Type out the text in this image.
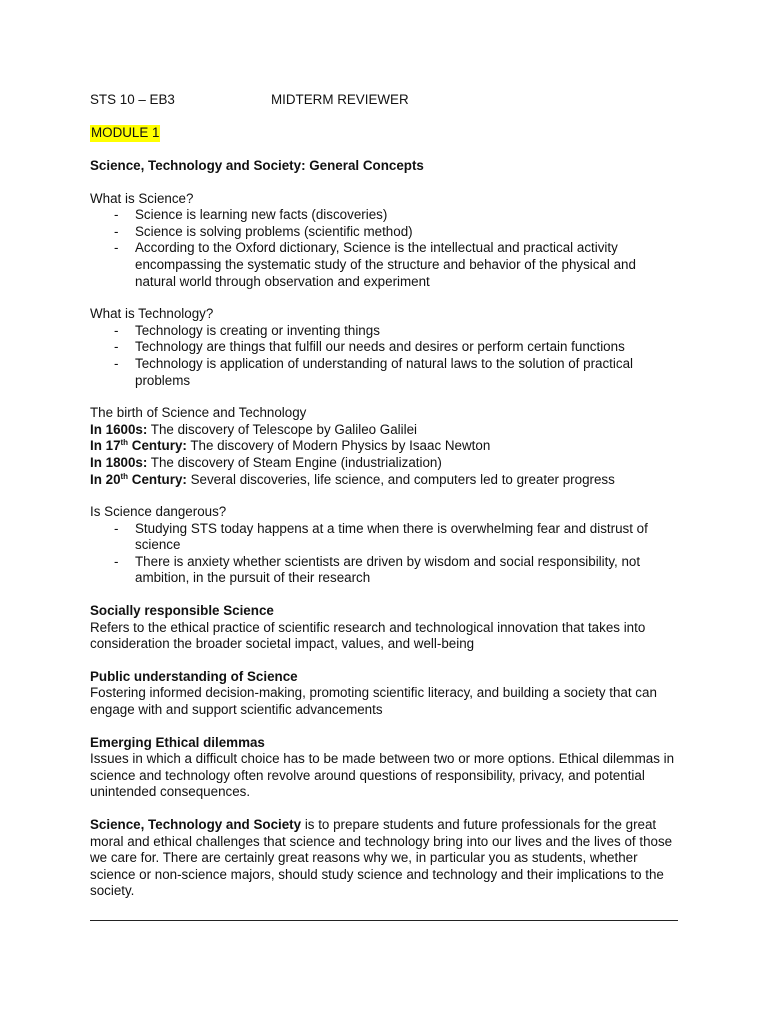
STS 10 – EB3	MIDTERM REVIEWER
MODULE 1
Science, Technology and Society: General Concepts
What is Science?
- Science is learning new facts (discoveries)
- Science is solving problems (scientific method)
- According to the Oxford dictionary, Science is the intellectual and practical activity encompassing the systematic study of the structure and behavior of the physical and natural world through observation and experiment
What is Technology?
- Technology is creating or inventing things
- Technology are things that fulfill our needs and desires or perform certain functions
- Technology is application of understanding of natural laws to the solution of practical problems
The birth of Science and Technology
In 1600s: The discovery of Telescope by Galileo Galilei
In 17th Century: The discovery of Modern Physics by Isaac Newton
In 1800s: The discovery of Steam Engine (industrialization)
In 20th Century: Several discoveries, life science, and computers led to greater progress
Is Science dangerous?
- Studying STS today happens at a time when there is overwhelming fear and distrust of science
- There is anxiety whether scientists are driven by wisdom and social responsibility, not ambition, in the pursuit of their research
Socially responsible Science
Refers to the ethical practice of scientific research and technological innovation that takes into consideration the broader societal impact, values, and well-being
Public understanding of Science
Fostering informed decision-making, promoting scientific literacy, and building a society that can engage with and support scientific advancements
Emerging Ethical dilemmas
Issues in which a difficult choice has to be made between two or more options. Ethical dilemmas in science and technology often revolve around questions of responsibility, privacy, and potential unintended consequences.
Science, Technology and Society is to prepare students and future professionals for the great moral and ethical challenges that science and technology bring into our lives and the lives of those we care for. There are certainly great reasons why we, in particular you as students, whether science or non-science majors, should study science and technology and their implications to the society.
